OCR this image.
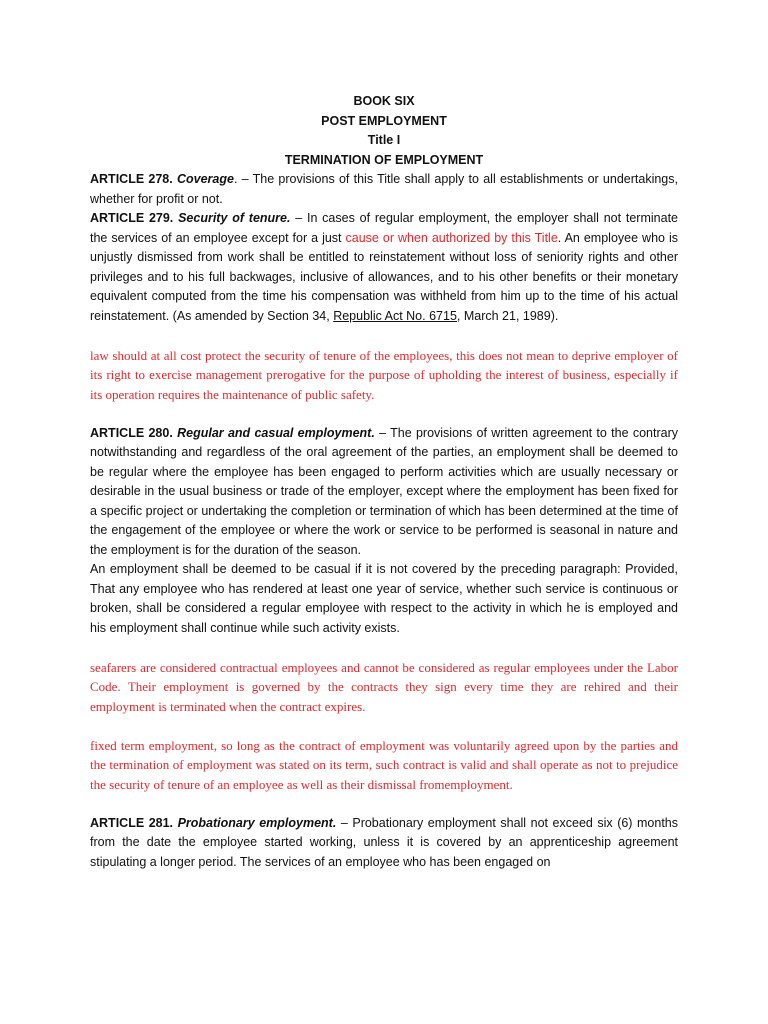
BOOK SIX
POST EMPLOYMENT
Title I
TERMINATION OF EMPLOYMENT

ARTICLE 278. Coverage. – The provisions of this Title shall apply to all establishments or undertakings, whether for profit or not.

ARTICLE 279. Security of tenure. – In cases of regular employment, the employer shall not terminate the services of an employee except for a just cause or when authorized by this Title. An employee who is unjustly dismissed from work shall be entitled to reinstatement without loss of seniority rights and other privileges and to his full backwages, inclusive of allowances, and to his other benefits or their monetary equivalent computed from the time his compensation was withheld from him up to the time of his actual reinstatement. (As amended by Section 34, Republic Act No. 6715, March 21, 1989).

law should at all cost protect the security of tenure of the employees, this does not mean to deprive employer of its right to exercise management prerogative for the purpose of upholding the interest of business, especially if its operation requires the maintenance of public safety.

ARTICLE 280. Regular and casual employment. – The provisions of written agreement to the contrary notwithstanding and regardless of the oral agreement of the parties, an employment shall be deemed to be regular where the employee has been engaged to perform activities which are usually necessary or desirable in the usual business or trade of the employer, except where the employment has been fixed for a specific project or undertaking the completion or termination of which has been determined at the time of the engagement of the employee or where the work or service to be performed is seasonal in nature and the employment is for the duration of the season.

An employment shall be deemed to be casual if it is not covered by the preceding paragraph: Provided, That any employee who has rendered at least one year of service, whether such service is continuous or broken, shall be considered a regular employee with respect to the activity in which he is employed and his employment shall continue while such activity exists.

seafarers are considered contractual employees and cannot be considered as regular employees under the Labor Code. Their employment is governed by the contracts they sign every time they are rehired and their employment is terminated when the contract expires.

fixed term employment, so long as the contract of employment was voluntarily agreed upon by the parties and the termination of employment was stated on its term, such contract is valid and shall operate as not to prejudice the security of tenure of an employee as well as their dismissal fromemployment.

ARTICLE 281. Probationary employment. – Probationary employment shall not exceed six (6) months from the date the employee started working, unless it is covered by an apprenticeship agreement stipulating a longer period. The services of an employee who has been engaged on
